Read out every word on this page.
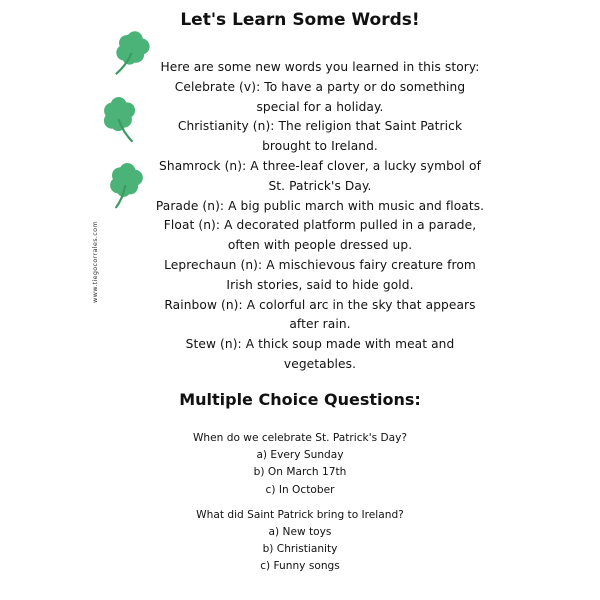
www.tiegocorrales.com
Let's Learn Some Words!
Here are some new words you learned in this story:
Celebrate (v): To have a party or do something
special for a holiday.
Christianity (n): The religion that Saint Patrick
brought to Ireland.
Shamrock (n): A three-leaf clover, a lucky symbol of
St. Patrick's Day.
Parade (n): A big public march with music and floats.
Float (n): A decorated platform pulled in a parade,
often with people dressed up.
Leprechaun (n): A mischievous fairy creature from
Irish stories, said to hide gold.
Rainbow (n): A colorful arc in the sky that appears
after rain.
Stew (n): A thick soup made with meat and
vegetables.
Multiple Choice Questions:
When do we celebrate St. Patrick's Day?
a) Every Sunday
b) On March 17th
c) In October
What did Saint Patrick bring to Ireland?
a) New toys
b) Christianity
c) Funny songs
